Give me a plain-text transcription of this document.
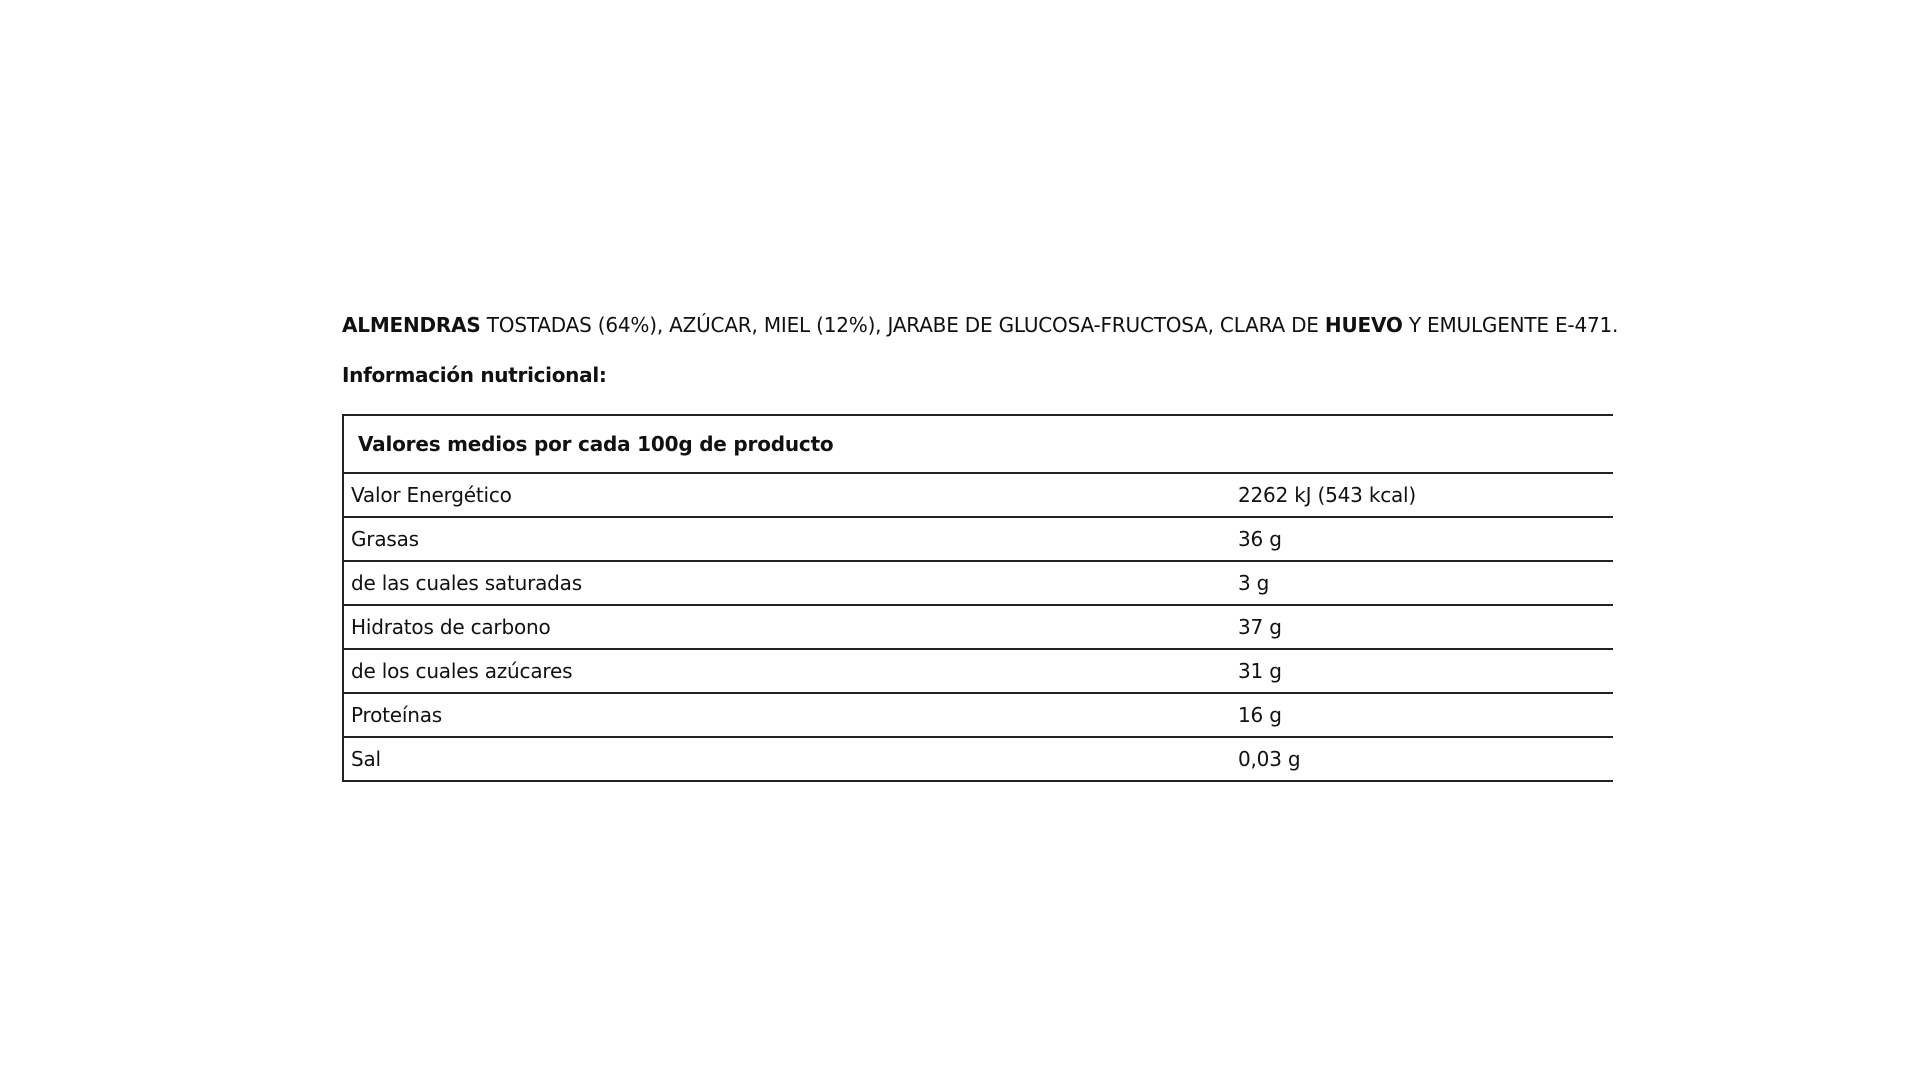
ALMENDRAS TOSTADAS (64%), AZÚCAR, MIEL (12%), JARABE DE GLUCOSA-FRUCTOSA, CLARA DE HUEVO Y EMULGENTE E-471.

Información nutricional:

Valores medios por cada 100g de producto	
Valor Energético	2262 kJ (543 kcal)
Grasas	36 g
de las cuales saturadas	3 g
Hidratos de carbono	37 g
de los cuales azúcares	31 g
Proteínas	16 g
Sal	0,03 g
